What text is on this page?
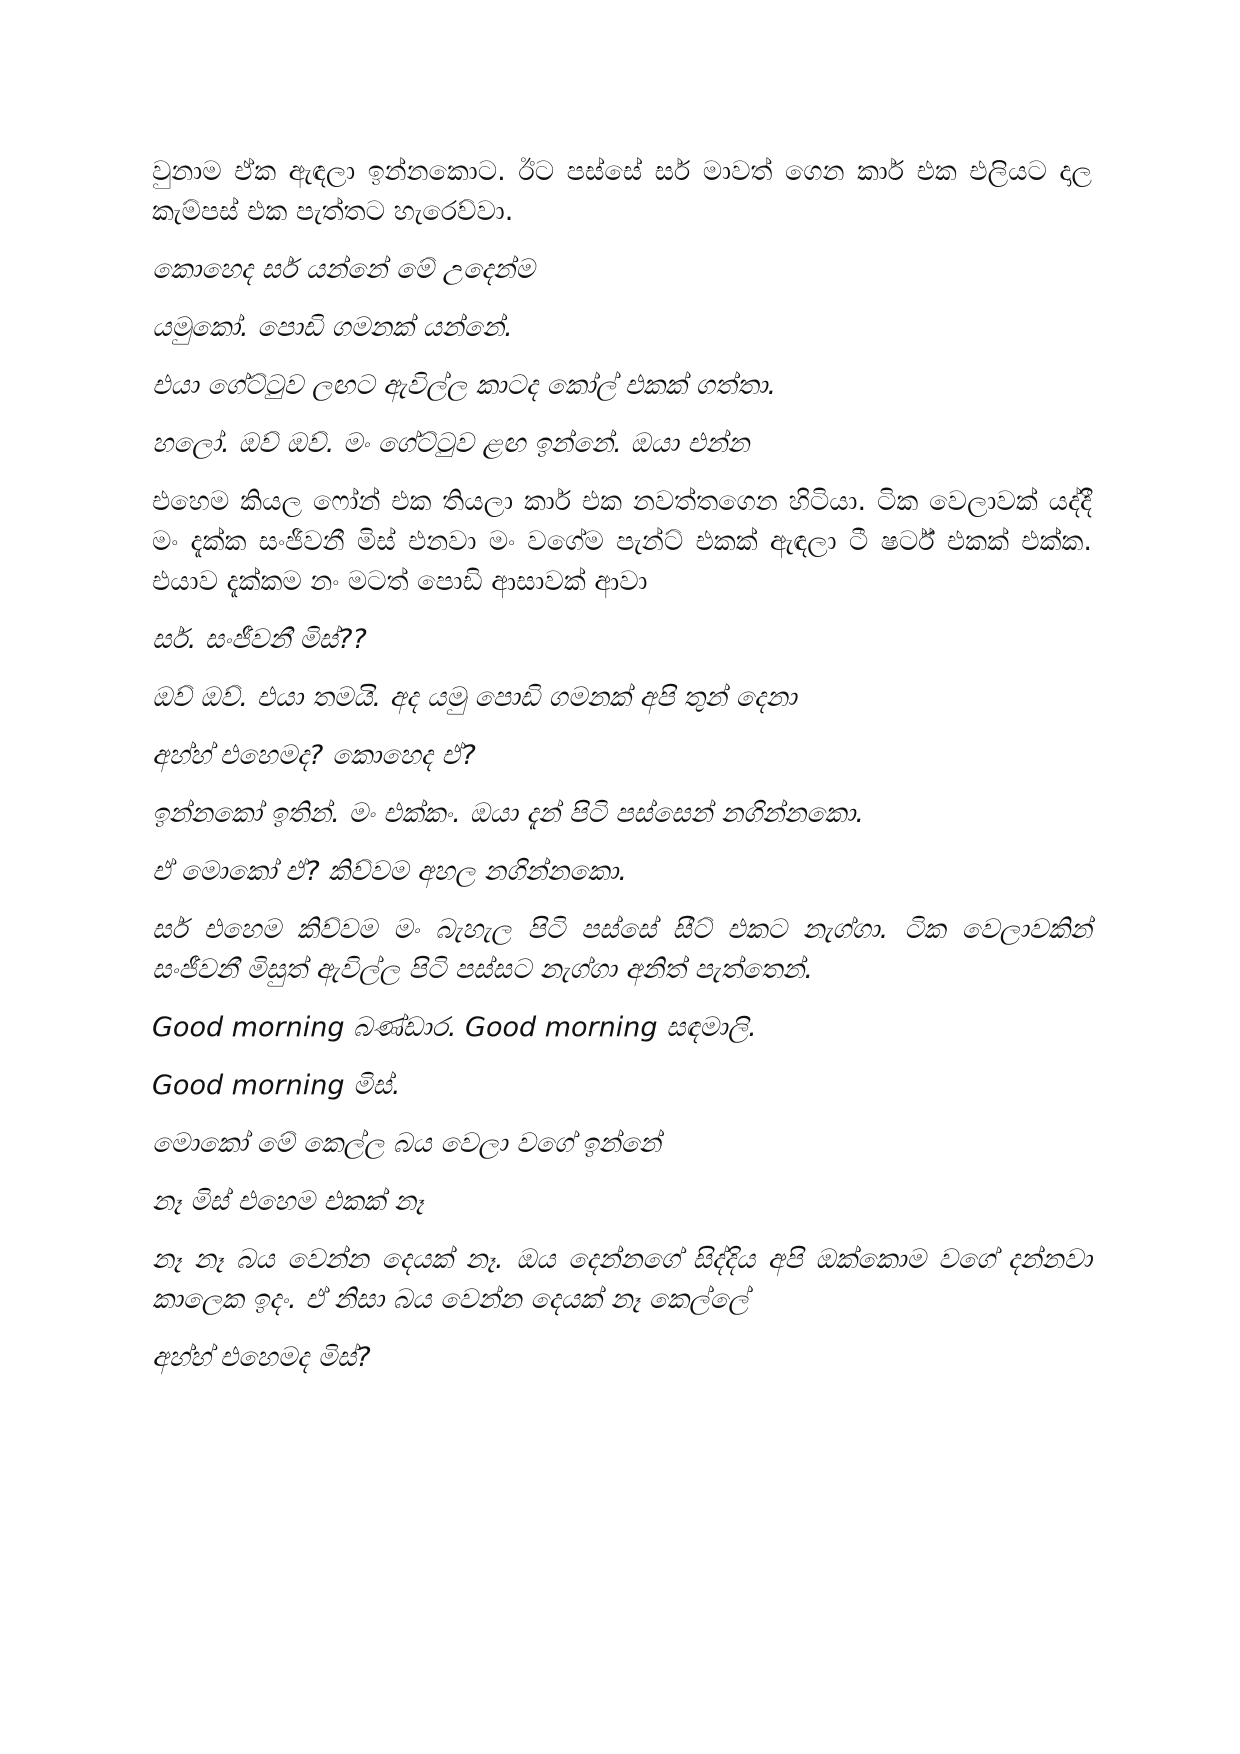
වුනාම ඒක ඇඳලා ඉන්නකොට. ඊට පස්සේ සර් මාවත් ගෙන කාර් එක එලියට දාල කැම්පස් එක පැත්තට හැරෙව්වා.

කොහෙද සර් යන්නේ මේ උදෙන්ම

යමුකෝ. පොඩි ගමනක් යන්නේ.

එයා ගේට්ටුව ලඟට ඇවිල්ල කාටද කෝල් එකක් ගත්තා.

හලෝ. ඔව් ඔව්. මං ගේට්ටුව ළඟ ඉන්නේ. ඔයා එන්න

එහෙම කියල ෆෝන් එක තියලා කාර් එක නවත්තගෙන හිටියා. ටික වෙලාවක් යද්දී මං දැක්ක සංජීවනී මිස් එනවා මං වගේම පැන්ට් එකක් ඇඳලා ටී ෂර්ට් එකක් එක්ක. එයාව දැක්කම නං මටත් පොඩි ආසාවක් ආවා

සර්. සංජීවනී මිස්??

ඔව් ඔව්. එයා තමයි. අද යමු පොඩි ගමනක් අපි තුන් දෙනා

අහ්හ් එහෙමද? කොහෙද ඒ?

ඉන්නකෝ ඉතින්. මං එක්කං. ඔයා දැන් පිටි පස්සෙන් නගින්නකො.

ඒ මොකෝ ඒ? කිව්වම අහල නගින්නකො.

සර් එහෙම කිව්වම මං බැහැල පිටි පස්සේ සීට් එකට නැග්ගා. ටික වෙලාවකින් සංජීවනී මිසුත් ඇවිල්ල පිටි පස්සට නැග්ගා අනිත් පැත්තෙන්.

Good morning බණ්ඩාර. Good morning සඳමාලි.

Good morning මිස්.

මොකෝ මේ කෙල්ල බය වෙලා වගේ ඉන්නේ

නෑ මිස් එහෙම එකක් නෑ

නෑ නෑ බය වෙන්න දෙයක් නෑ. ඔය දෙන්නගේ සිද්දිය අපි ඔක්කොම වගේ දන්නවා කාලෙක ඉදං. ඒ නිසා බය වෙන්න දෙයක් නෑ කෙල්ලේ

අහ්හ් එහෙමද මිස්?
